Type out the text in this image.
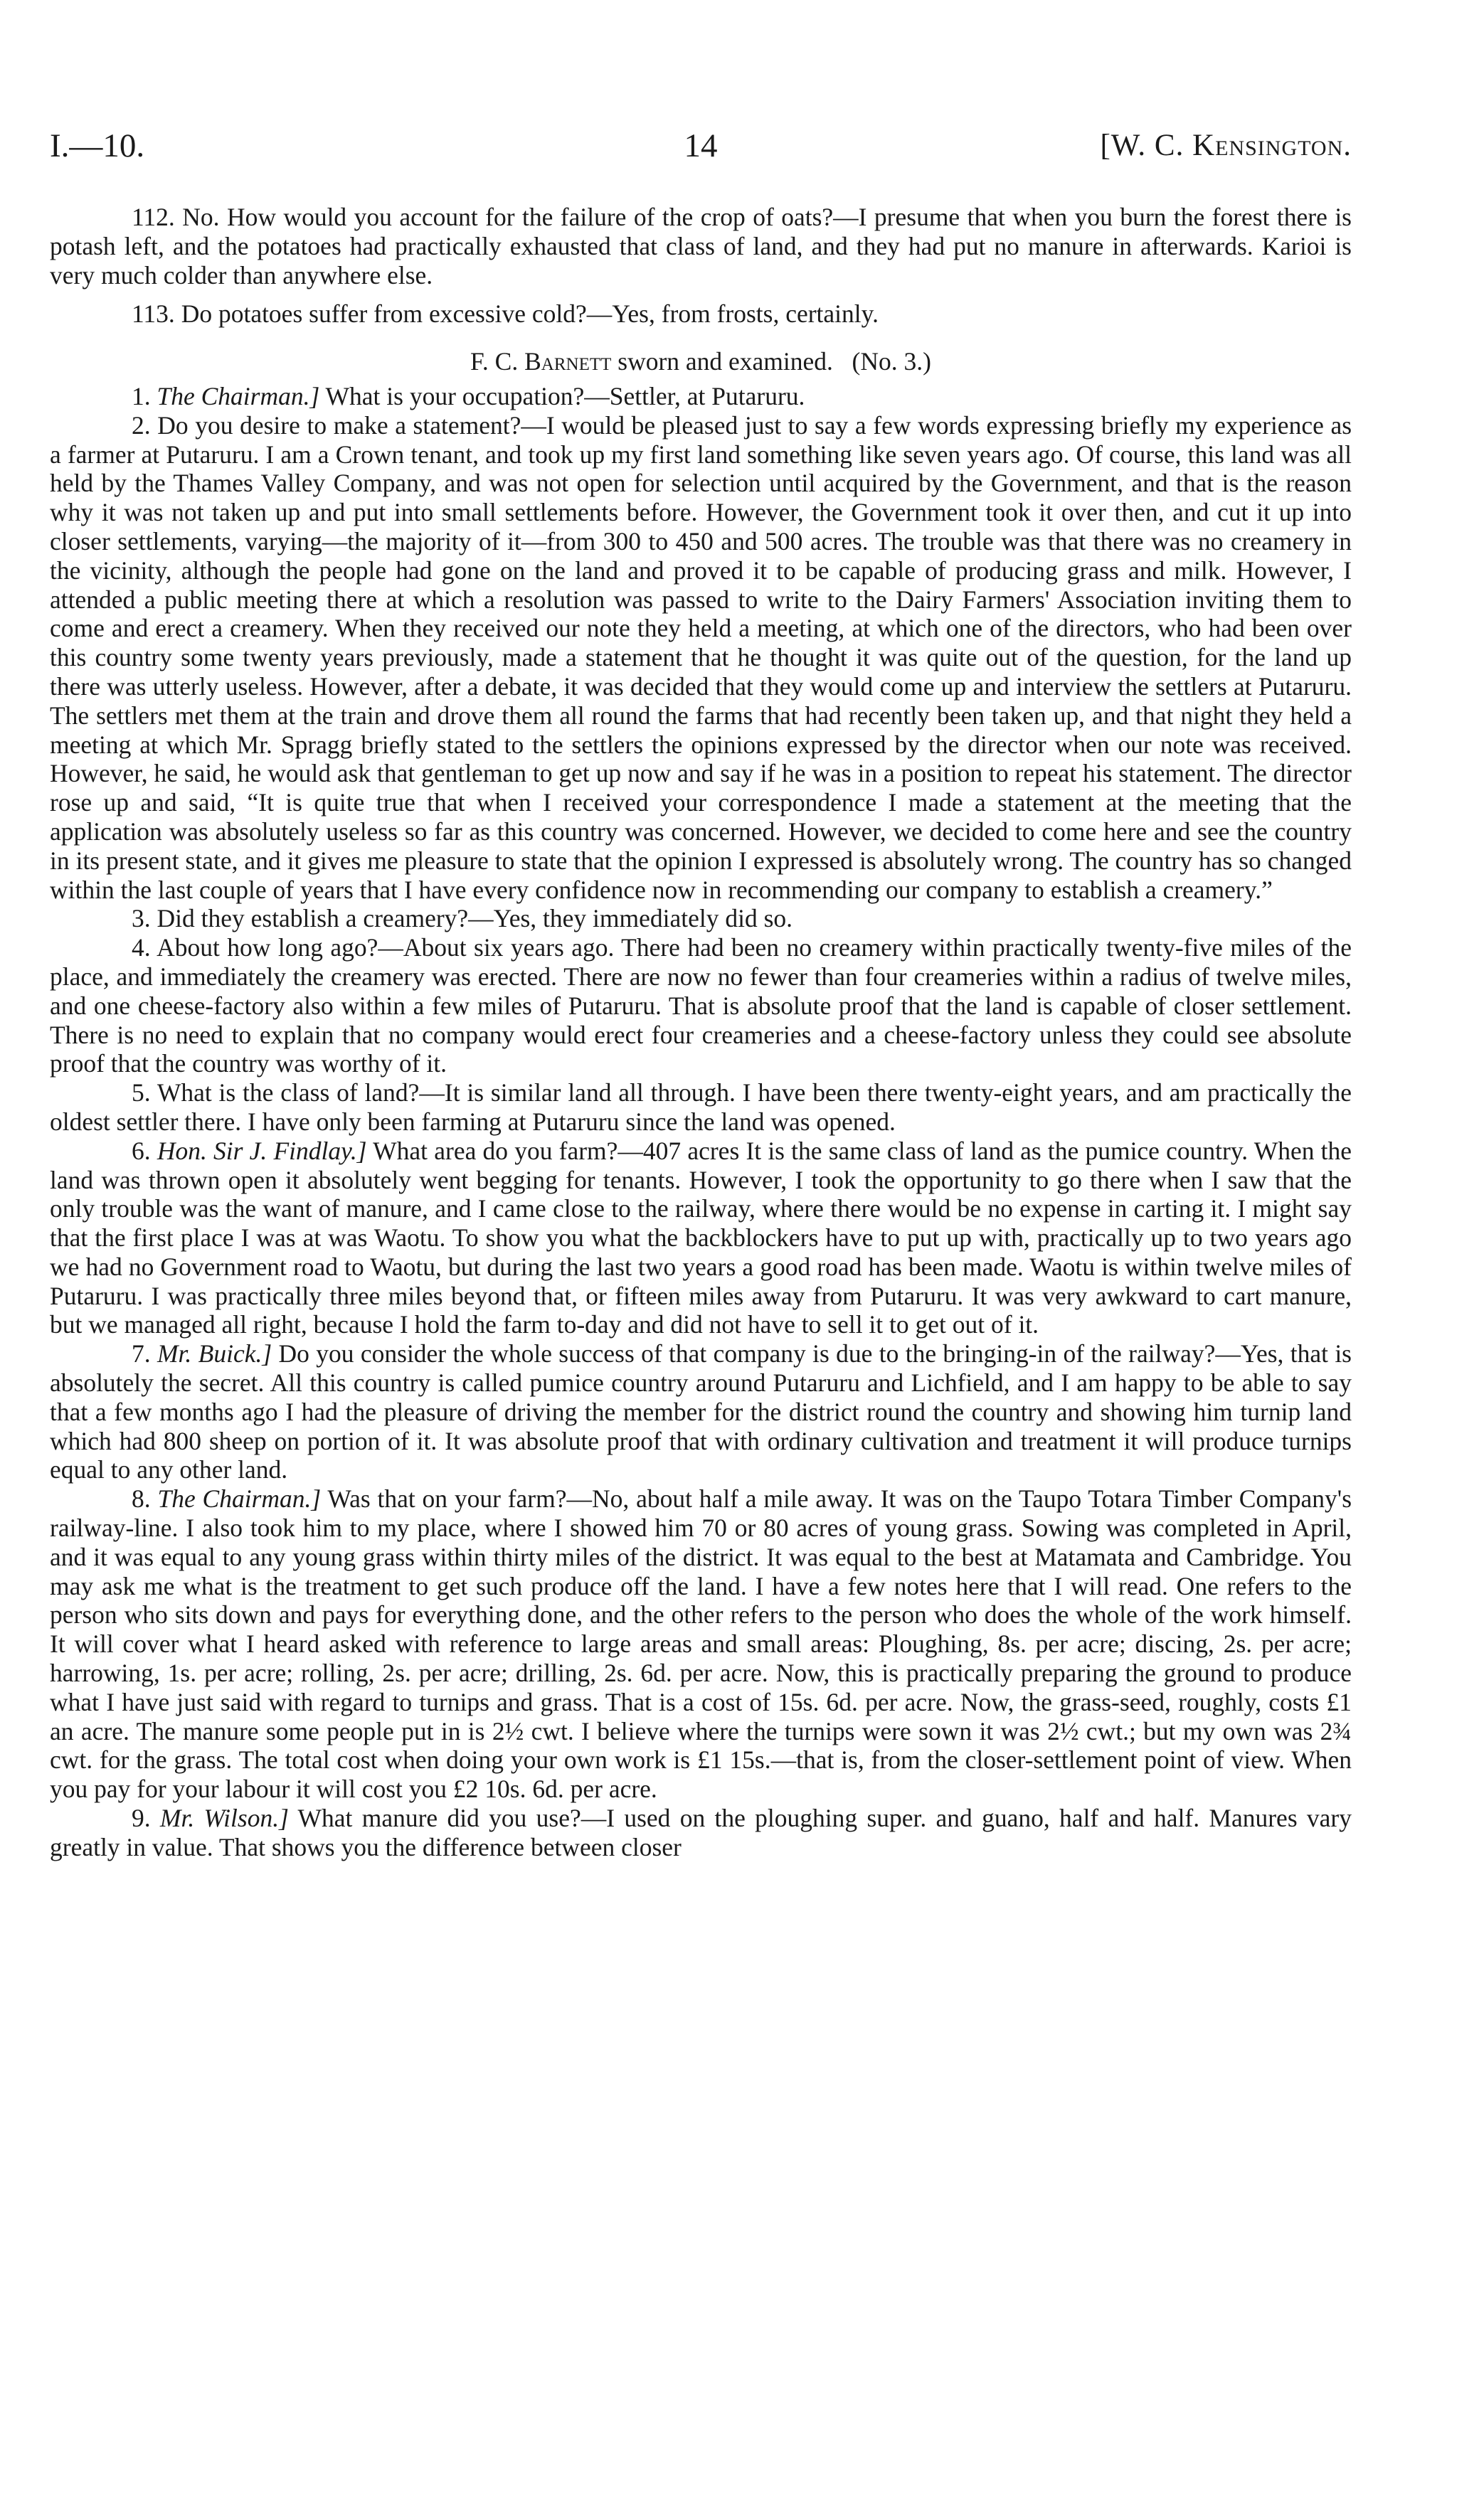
I.—10.	14	[W. C. Kensington.

112. No. How would you account for the failure of the crop of oats?—I presume that when you burn the forest there is potash left, and the potatoes had practically exhausted that class of land, and they had put no manure in afterwards. Karioi is very much colder than anywhere else.

113. Do potatoes suffer from excessive cold?—Yes, from frosts, certainly.

F. C. Barnett sworn and examined. (No. 3.)

1. The Chairman.] What is your occupation?—Settler, at Putaruru.

2. Do you desire to make a statement?—I would be pleased just to say a few words expressing briefly my experience as a farmer at Putaruru. I am a Crown tenant, and took up my first land something like seven years ago. Of course, this land was all held by the Thames Valley Company, and was not open for selection until acquired by the Government, and that is the reason why it was not taken up and put into small settlements before. However, the Government took it over then, and cut it up into closer settlements, varying—the majority of it—from 300 to 450 and 500 acres. The trouble was that there was no creamery in the vicinity, although the people had gone on the land and proved it to be capable of producing grass and milk. However, I attended a public meeting there at which a resolution was passed to write to the Dairy Farmers' Association inviting them to come and erect a creamery. When they received our note they held a meeting, at which one of the directors, who had been over this country some twenty years previously, made a statement that he thought it was quite out of the question, for the land up there was utterly useless. However, after a debate, it was decided that they would come up and interview the settlers at Putaruru. The settlers met them at the train and drove them all round the farms that had recently been taken up, and that night they held a meeting at which Mr. Spragg briefly stated to the settlers the opinions expressed by the director when our note was received. However, he said, he would ask that gentleman to get up now and say if he was in a position to repeat his statement. The director rose up and said, “It is quite true that when I received your correspondence I made a statement at the meeting that the application was absolutely useless so far as this country was concerned. However, we decided to come here and see the country in its present state, and it gives me pleasure to state that the opinion I expressed is absolutely wrong. The country has so changed within the last couple of years that I have every confidence now in recommending our company to establish a creamery.”

3. Did they establish a creamery?—Yes, they immediately did so.

4. About how long ago?—About six years ago. There had been no creamery within practically twenty-five miles of the place, and immediately the creamery was erected. There are now no fewer than four creameries within a radius of twelve miles, and one cheese-factory also within a few miles of Putaruru. That is absolute proof that the land is capable of closer settlement. There is no need to explain that no company would erect four creameries and a cheese-factory unless they could see absolute proof that the country was worthy of it.

5. What is the class of land?—It is similar land all through. I have been there twenty-eight years, and am practically the oldest settler there. I have only been farming at Putaruru since the land was opened.

6. Hon. Sir J. Findlay.] What area do you farm?—407 acres It is the same class of land as the pumice country. When the land was thrown open it absolutely went begging for tenants. However, I took the opportunity to go there when I saw that the only trouble was the want of manure, and I came close to the railway, where there would be no expense in carting it. I might say that the first place I was at was Waotu. To show you what the backblockers have to put up with, practically up to two years ago we had no Government road to Waotu, but during the last two years a good road has been made. Waotu is within twelve miles of Putaruru. I was practically three miles beyond that, or fifteen miles away from Putaruru. It was very awkward to cart manure, but we managed all right, because I hold the farm to-day and did not have to sell it to get out of it.

7. Mr. Buick.] Do you consider the whole success of that company is due to the bringing-in of the railway?—Yes, that is absolutely the secret. All this country is called pumice country around Putaruru and Lichfield, and I am happy to be able to say that a few months ago I had the pleasure of driving the member for the district round the country and showing him turnip land which had 800 sheep on portion of it. It was absolute proof that with ordinary cultivation and treatment it will produce turnips equal to any other land.

8. The Chairman.] Was that on your farm?—No, about half a mile away. It was on the Taupo Totara Timber Company's railway-line. I also took him to my place, where I showed him 70 or 80 acres of young grass. Sowing was completed in April, and it was equal to any young grass within thirty miles of the district. It was equal to the best at Matamata and Cambridge. You may ask me what is the treatment to get such produce off the land. I have a few notes here that I will read. One refers to the person who sits down and pays for everything done, and the other refers to the person who does the whole of the work himself. It will cover what I heard asked with reference to large areas and small areas: Ploughing, 8s. per acre; discing, 2s. per acre; harrowing, 1s. per acre; rolling, 2s. per acre; drilling, 2s. 6d. per acre. Now, this is practically preparing the ground to produce what I have just said with regard to turnips and grass. That is a cost of 15s. 6d. per acre. Now, the grass-seed, roughly, costs £1 an acre. The manure some people put in is 2½ cwt. I believe where the turnips were sown it was 2½ cwt.; but my own was 2¾ cwt. for the grass. The total cost when doing your own work is £1 15s.—that is, from the closer-settlement point of view. When you pay for your labour it will cost you £2 10s. 6d. per acre.

9. Mr. Wilson.] What manure did you use?—I used on the ploughing super. and guano, half and half. Manures vary greatly in value. That shows you the difference between closer
